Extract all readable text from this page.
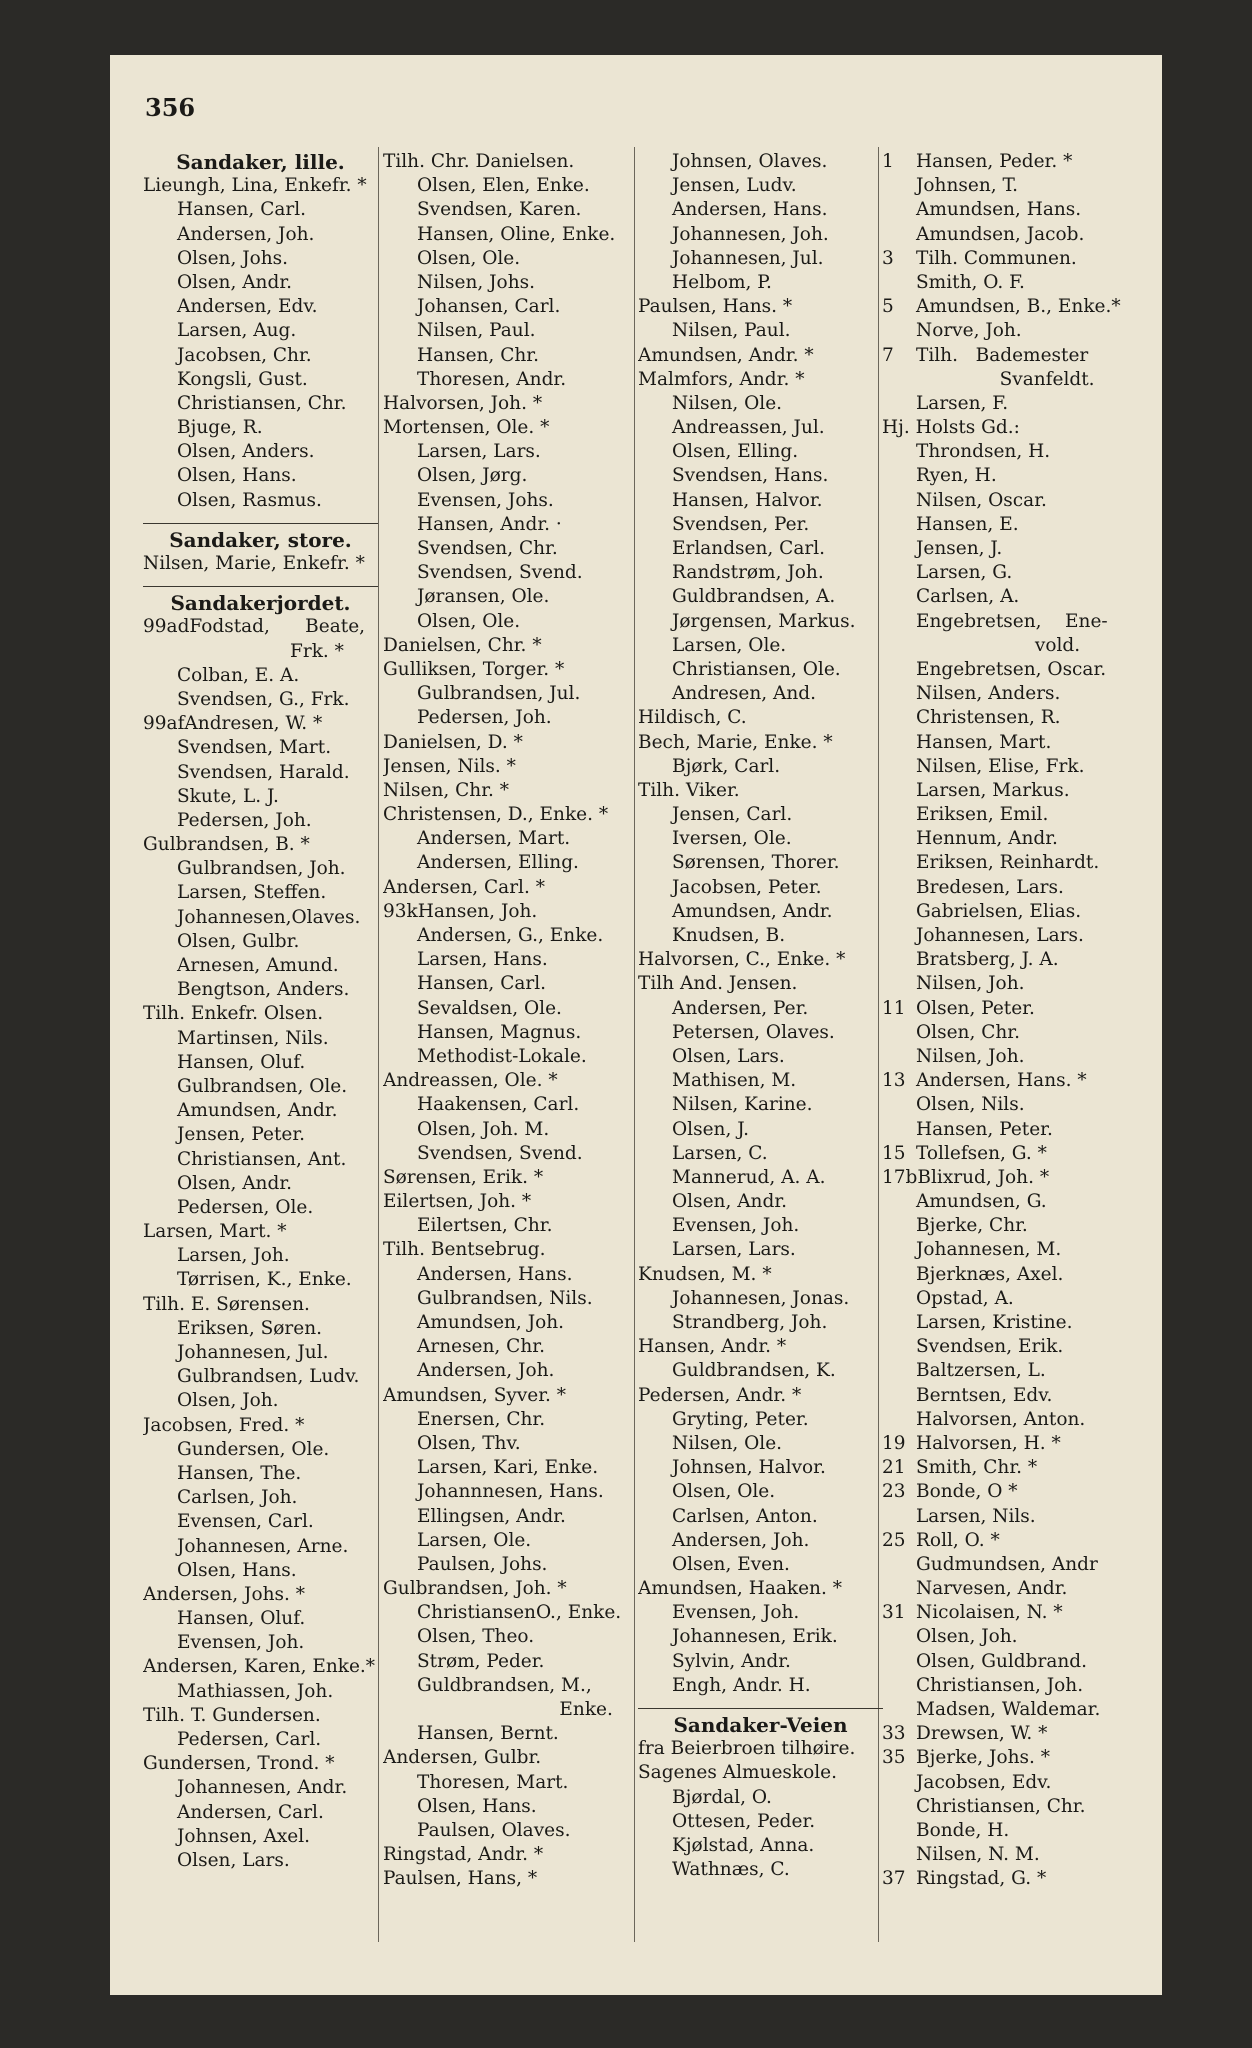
356
Sandaker, lille.
Lieungh, Lina, Enkefr. *
Hansen, Carl.
Andersen, Joh.
Olsen, Johs.
Olsen, Andr.
Andersen, Edv.
Larsen, Aug.
Jacobsen, Chr.
Kongsli, Gust.
Christiansen, Chr.
Bjuge, R.
Olsen, Anders.
Olsen, Hans.
Olsen, Rasmus.
Sandaker, store.
Nilsen, Marie, Enkefr. *
Sandakerjordet.
99adFodstad,      Beate,
Frk. *
Colban, E. A.
Svendsen, G., Frk.
99afAndresen, W. *
Svendsen, Mart.
Svendsen, Harald.
Skute, L. J.
Pedersen, Joh.
Gulbrandsen, B. *
Gulbrandsen, Joh.
Larsen, Steffen.
Johannesen,Olaves.
Olsen, Gulbr.
Arnesen, Amund.
Bengtson, Anders.
Tilh. Enkefr. Olsen.
Martinsen, Nils.
Hansen, Oluf.
Gulbrandsen, Ole.
Amundsen, Andr.
Jensen, Peter.
Christiansen, Ant.
Olsen, Andr.
Pedersen, Ole.
Larsen, Mart. *
Larsen, Joh.
Tørrisen, K., Enke.
Tilh. E. Sørensen.
Eriksen, Søren.
Johannesen, Jul.
Gulbrandsen, Ludv.
Olsen, Joh.
Jacobsen, Fred. *
Gundersen, Ole.
Hansen, The.
Carlsen, Joh.
Evensen, Carl.
Johannesen, Arne.
Olsen, Hans.
Andersen, Johs. *
Hansen, Oluf.
Evensen, Joh.
Andersen, Karen, Enke.*
Mathiassen, Joh.
Tilh. T. Gundersen.
Pedersen, Carl.
Gundersen, Trond. *
Johannesen, Andr.
Andersen, Carl.
Johnsen, Axel.
Olsen, Lars.
Tilh. Chr. Danielsen.
Olsen, Elen, Enke.
Svendsen, Karen.
Hansen, Oline, Enke.
Olsen, Ole.
Nilsen, Johs.
Johansen, Carl.
Nilsen, Paul.
Hansen, Chr.
Thoresen, Andr.
Halvorsen, Joh. *
Mortensen, Ole. *
Larsen, Lars.
Olsen, Jørg.
Evensen, Johs.
Hansen, Andr. ·
Svendsen, Chr.
Svendsen, Svend.
Jøransen, Ole.
Olsen, Ole.
Danielsen, Chr. *
Gulliksen, Torger. *
Gulbrandsen, Jul.
Pedersen, Joh.
Danielsen, D. *
Jensen, Nils. *
Nilsen, Chr. *
Christensen, D., Enke. *
Andersen, Mart.
Andersen, Elling.
Andersen, Carl. *
93kHansen, Joh.
Andersen, G., Enke.
Larsen, Hans.
Hansen, Carl.
Sevaldsen, Ole.
Hansen, Magnus.
Methodist-Lokale.
Andreassen, Ole. *
Haakensen, Carl.
Olsen, Joh. M.
Svendsen, Svend.
Sørensen, Erik. *
Eilertsen, Joh. *
Eilertsen, Chr.
Tilh. Bentsebrug.
Andersen, Hans.
Gulbrandsen, Nils.
Amundsen, Joh.
Arnesen, Chr.
Andersen, Joh.
Amundsen, Syver. *
Enersen, Chr.
Olsen, Thv.
Larsen, Kari, Enke.
Johannnesen, Hans.
Ellingsen, Andr.
Larsen, Ole.
Paulsen, Johs.
Gulbrandsen, Joh. *
ChristiansenO., Enke.
Olsen, Theo.
Strøm, Peder.
Guldbrandsen, M.,
Enke.
Hansen, Bernt.
Andersen, Gulbr.
Thoresen, Mart.
Olsen, Hans.
Paulsen, Olaves.
Ringstad, Andr. *
Paulsen, Hans, *
Johnsen, Olaves.
Jensen, Ludv.
Andersen, Hans.
Johannesen, Joh.
Johannesen, Jul.
Helbom, P.
Paulsen, Hans. *
Nilsen, Paul.
Amundsen, Andr. *
Malmfors, Andr. *
Nilsen, Ole.
Andreassen, Jul.
Olsen, Elling.
Svendsen, Hans.
Hansen, Halvor.
Svendsen, Per.
Erlandsen, Carl.
Randstrøm, Joh.
Guldbrandsen, A.
Jørgensen, Markus.
Larsen, Ole.
Christiansen, Ole.
Andresen, And.
Hildisch, C.
Bech, Marie, Enke. *
Bjørk, Carl.
Tilh. Viker.
Jensen, Carl.
Iversen, Ole.
Sørensen, Thorer.
Jacobsen, Peter.
Amundsen, Andr.
Knudsen, B.
Halvorsen, C., Enke. *
Tilh And. Jensen.
Andersen, Per.
Petersen, Olaves.
Olsen, Lars.
Mathisen, M.
Nilsen, Karine.
Olsen, J.
Larsen, C.
Mannerud, A. A.
Olsen, Andr.
Evensen, Joh.
Larsen, Lars.
Knudsen, M. *
Johannesen, Jonas.
Strandberg, Joh.
Hansen, Andr. *
Guldbrandsen, K.
Pedersen, Andr. *
Gryting, Peter.
Nilsen, Ole.
Johnsen, Halvor.
Olsen, Ole.
Carlsen, Anton.
Andersen, Joh.
Olsen, Even.
Amundsen, Haaken. *
Evensen, Joh.
Johannesen, Erik.
Sylvin, Andr.
Engh, Andr. H.
Sandaker-Veien
fra Beierbroen tilhøire.
Sagenes Almueskole.
Bjørdal, O.
Ottesen, Peder.
Kjølstad, Anna.
Wathnæs, C.
1 Hansen, Peder. *
Johnsen, T.
Amundsen, Hans.
Amundsen, Jacob.
3 Tilh. Communen.
Smith, O. F.
5 Amundsen, B., Enke.*
Norve, Joh.
7 Tilh.   Bademester
Svanfeldt.
Larsen, F.
Hj. Holsts Gd.:
Throndsen, H.
Ryen, H.
Nilsen, Oscar.
Hansen, E.
Jensen, J.
Larsen, G.
Carlsen, A.
Engebretsen,    Ene-
vold.
Engebretsen, Oscar.
Nilsen, Anders.
Christensen, R.
Hansen, Mart.
Nilsen, Elise, Frk.
Larsen, Markus.
Eriksen, Emil.
Hennum, Andr.
Eriksen, Reinhardt.
Bredesen, Lars.
Gabrielsen, Elias.
Johannesen, Lars.
Bratsberg, J. A.
Nilsen, Joh.
11 Olsen, Peter.
Olsen, Chr.
Nilsen, Joh.
13 Andersen, Hans. *
Olsen, Nils.
Hansen, Peter.
15 Tollefsen, G. *
17bBlixrud, Joh. *
Amundsen, G.
Bjerke, Chr.
Johannesen, M.
Bjerknæs, Axel.
Opstad, A.
Larsen, Kristine.
Svendsen, Erik.
Baltzersen, L.
Berntsen, Edv.
Halvorsen, Anton.
19 Halvorsen, H. *
21 Smith, Chr. *
23 Bonde, O *
Larsen, Nils.
25 Roll, O. *
Gudmundsen, Andr
Narvesen, Andr.
31 Nicolaisen, N. *
Olsen, Joh.
Olsen, Guldbrand.
Christiansen, Joh.
Madsen, Waldemar.
33 Drewsen, W. *
35 Bjerke, Johs. *
Jacobsen, Edv.
Christiansen, Chr.
Bonde, H.
Nilsen, N. M.
37 Ringstad, G. *
